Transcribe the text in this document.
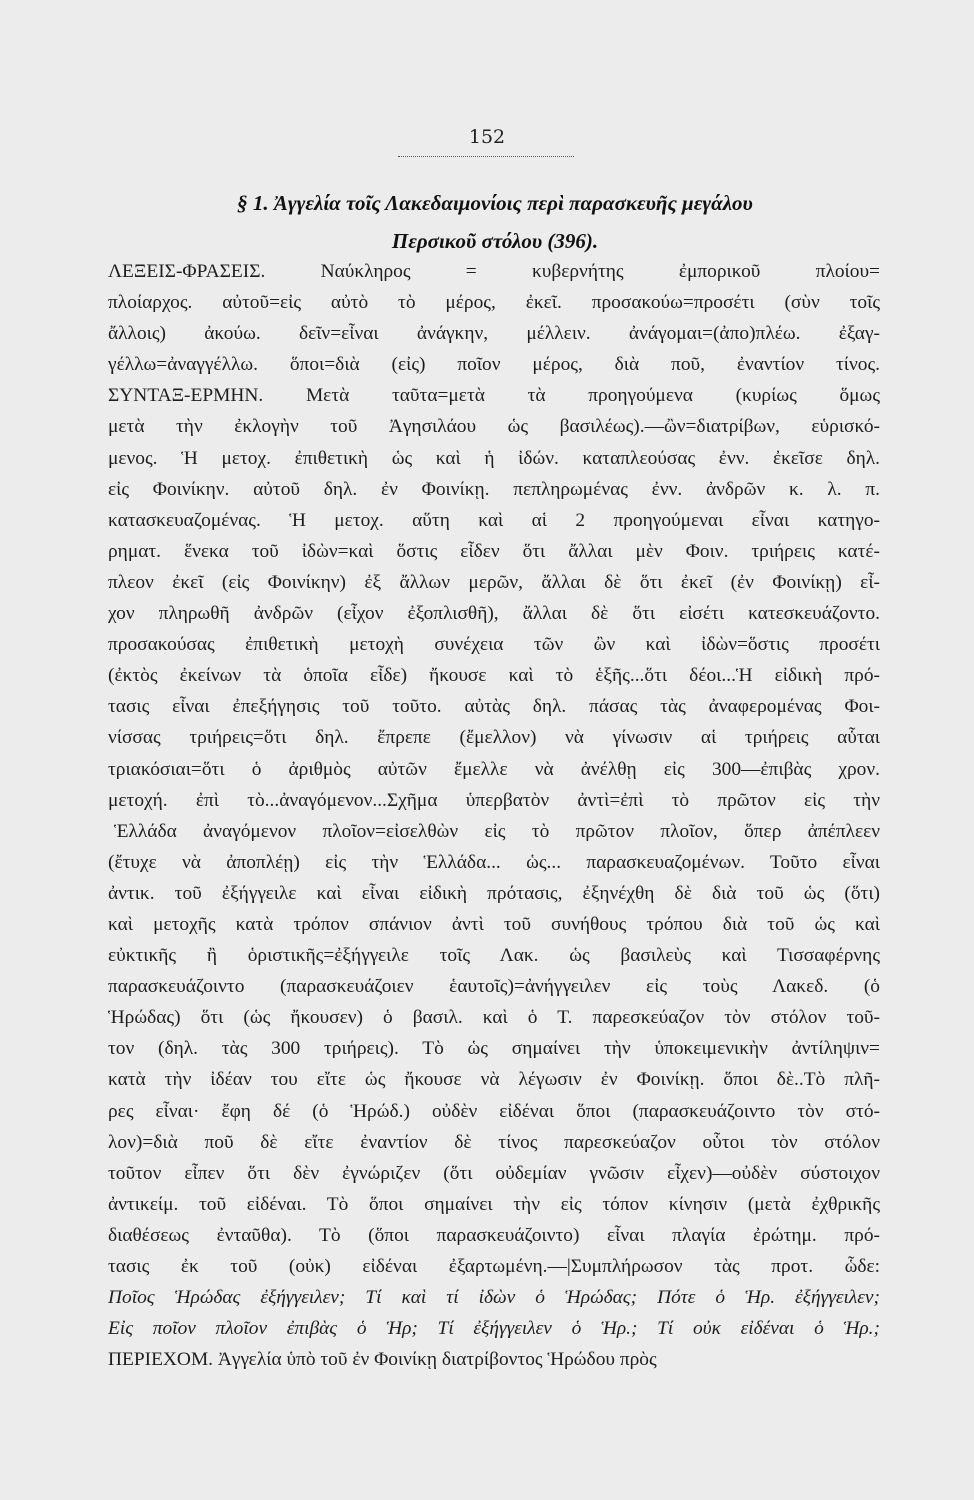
152
§ 1. Ἀγγελία τοῖς Λακεδαιμονίοις περὶ παρασκευῆς μεγάλου
Περσικοῦ στόλου (396).
ΛΕΞΕΙΣ-ΦΡΑΣΕΙΣ. Ναύκληρος = κυβερνήτης ἐμπορικοῦ πλοίου=
πλοίαρχος. αὐτοῦ=εἰς αὐτὸ τὸ μέρος, ἐκεῖ. προσακούω=προσέτι (σὺν τοῖς
ἄλλοις) ἀκούω. δεῖν=εἶναι ἀνάγκην, μέλλειν. ἀνάγομαι=(ἀπο)πλέω. ἐξαγ-
γέλλω=ἀναγγέλλω. ὅποι=διὰ (εἰς) ποῖον μέρος, διὰ ποῦ, ἐναντίον τίνος.
ΣΥΝΤΑΞ-ΕΡΜΗΝ. Μετὰ ταῦτα=μετὰ τὰ προηγούμενα (κυρίως ὅμως
μετὰ τὴν ἐκλογὴν τοῦ Ἀγησιλάου ὡς βασιλέως).—ὢν=διατρίβων, εὑρισκό-
μενος. Ἡ μετοχ. ἐπιθετικὴ ὡς καὶ ἡ ἰδών. καταπλεούσας ἐνν. ἐκεῖσε δηλ.
εἰς Φοινίκην. αὐτοῦ δηλ. ἐν Φοινίκῃ. πεπληρωμένας ἐνν. ἀνδρῶν κ. λ. π.
κατασκευαζομένας. Ἡ μετοχ. αὕτη καὶ αἱ 2 προηγούμεναι εἶναι κατηγο-
ρηματ. ἕνεκα τοῦ ἰδὼν=καὶ ὅστις εἶδεν ὅτι ἄλλαι μὲν Φοιν. τριήρεις κατέ-
πλεον ἐκεῖ (εἰς Φοινίκην) ἐξ ἄλλων μερῶν, ἄλλαι δὲ ὅτι ἐκεῖ (ἐν Φοινίκῃ) εἶ-
χον πληρωθῆ ἀνδρῶν (εἶχον ἐξοπλισθῆ), ἄλλαι δὲ ὅτι εἰσέτι κατεσκευάζοντο.
προσακούσας ἐπιθετικὴ μετοχὴ συνέχεια τῶν ὢν καὶ ἰδὼν=ὅστις προσέτι
(ἐκτὸς ἐκείνων τὰ ὁποῖα εἶδε) ἤκουσε καὶ τὸ ἑξῆς...ὅτι δέοι...Ἡ εἰδικὴ πρό-
τασις εἶναι ἐπεξήγησις τοῦ τοῦτο. αὐτὰς δηλ. πάσας τὰς ἀναφερομένας Φοι-
νίσσας τριήρεις=ὅτι δηλ. ἔπρεπε (ἔμελλον) νὰ γίνωσιν αἱ τριήρεις αὗται
τριακόσιαι=ὅτι ὁ ἀριθμὸς αὐτῶν ἔμελλε νὰ ἀνέλθῃ εἰς 300—ἐπιβὰς χρον.
μετοχή. ἐπὶ τὸ...ἀναγόμενον...Σχῆμα ὑπερβατὸν ἀντὶ=ἐπὶ τὸ πρῶτον εἰς τὴν
Ἑλλάδα ἀναγόμενον πλοῖον=εἰσελθὼν εἰς τὸ πρῶτον πλοῖον, ὅπερ ἀπέπλεεν
(ἔτυχε νὰ ἀποπλέῃ) εἰς τὴν Ἑλλάδα... ὡς... παρασκευαζομένων. Τοῦτο εἶναι
ἀντικ. τοῦ ἐξήγγειλε καὶ εἶναι εἰδικὴ πρότασις, ἐξηνέχθη δὲ διὰ τοῦ ὡς (ὅτι)
καὶ μετοχῆς κατὰ τρόπον σπάνιον ἀντὶ τοῦ συνήθους τρόπου διὰ τοῦ ὡς καὶ
εὐκτικῆς ἢ ὁριστικῆς=ἐξήγγειλε τοῖς Λακ. ὡς βασιλεὺς καὶ Τισσαφέρνης
παρασκευάζοιντο (παρασκευάζοιεν ἑαυτοῖς)=ἀνήγγειλεν εἰς τοὺς Λακεδ. (ὁ
Ἡρώδας) ὅτι (ὡς ἤκουσεν) ὁ βασιλ. καὶ ὁ Τ. παρεσκεύαζον τὸν στόλον τοῦ-
τον (δηλ. τὰς 300 τριήρεις). Τὸ ὡς σημαίνει τὴν ὑποκειμενικὴν ἀντίληψιν=
κατὰ τὴν ἰδέαν του εἴτε ὡς ἤκουσε νὰ λέγωσιν ἐν Φοινίκῃ. ὅποι δὲ..Τὸ πλῆ-
ρες εἶναι· ἔφη δέ (ὁ Ἡρώδ.) οὐδὲν εἰδέναι ὅποι (παρασκευάζοιντο τὸν στό-
λον)=διὰ ποῦ δὲ εἴτε ἐναντίον δὲ τίνος παρεσκεύαζον οὗτοι τὸν στόλον
τοῦτον εἶπεν ὅτι δὲν ἐγνώριζεν (ὅτι οὐδεμίαν γνῶσιν εἶχεν)—οὐδὲν σύστοιχον
ἀντικείμ. τοῦ εἰδέναι. Τὸ ὅποι σημαίνει τὴν εἰς τόπον κίνησιν (μετὰ ἐχθρικῆς
διαθέσεως ἐνταῦθα). Τὸ (ὅποι παρασκευάζοιντο) εἶναι πλαγία ἐρώτημ. πρό-
τασις ἐκ τοῦ (οὐκ) εἰδέναι ἐξαρτωμένη.—|Συμπλήρωσον τὰς προτ. ὧδε:
Ποῖος Ἡρώδας ἐξήγγειλεν; Τί καὶ τί ἰδὼν ὁ Ἡρώδας; Πότε ὁ Ἡρ. ἐξήγγειλεν;
Εἰς ποῖον πλοῖον ἐπιβὰς ὁ Ἡρ; Τί ἐξήγγειλεν ὁ Ἡρ.; Τί οὐκ εἰδέναι ὁ Ἡρ.;
ΠΕΡΙΕΧΟΜ. Ἀγγελία ὑπὸ τοῦ ἐν Φοινίκῃ διατρίβοντος Ἡρώδου πρὸς
